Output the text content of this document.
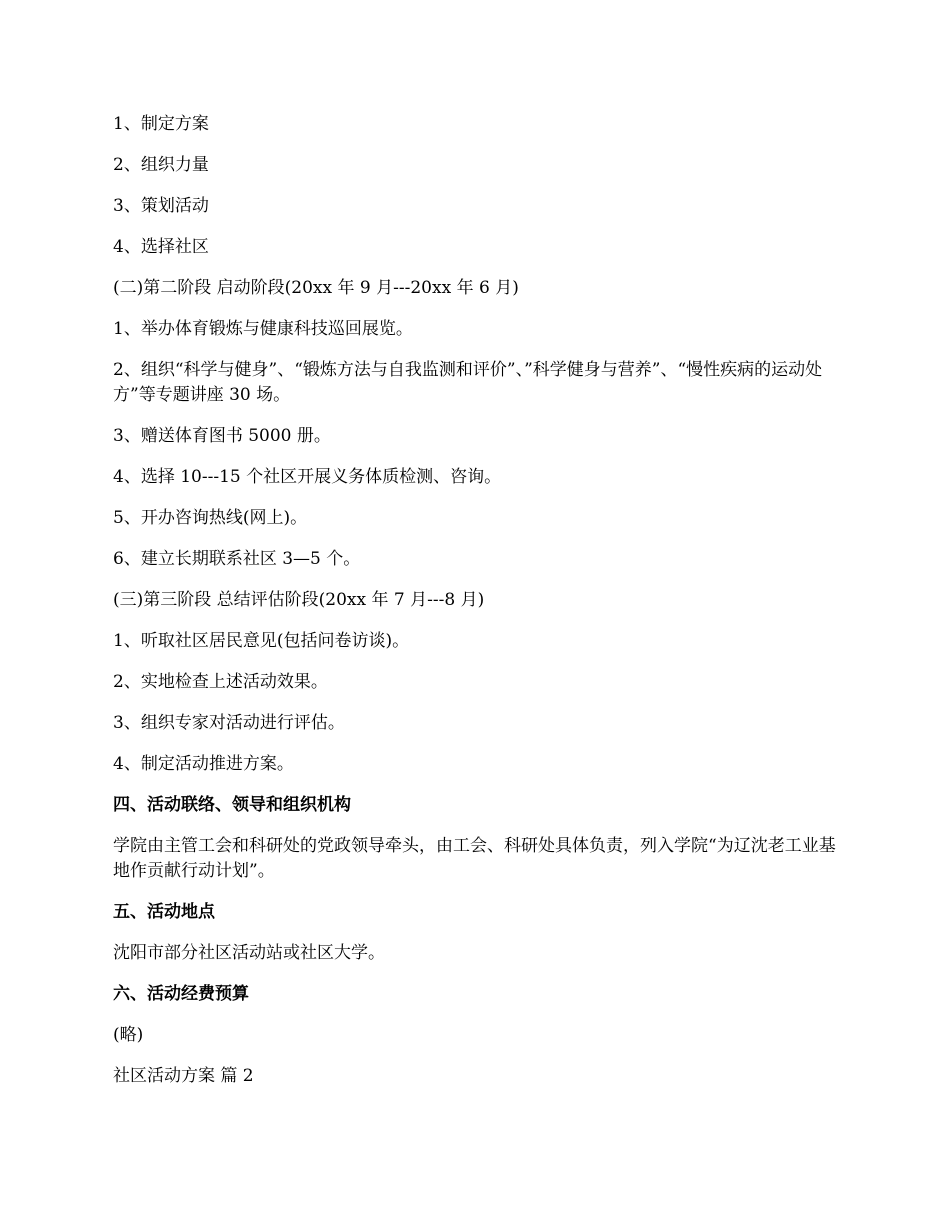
1、制定方案

2、组织力量

3、策划活动

4、选择社区

(二)第二阶段 启动阶段(20xx 年 9 月---20xx 年 6 月)

1、举办体育锻炼与健康科技巡回展览。

2、组织“科学与健身”、“锻炼方法与自我监测和评价”、”科学健身与营养”、“慢性疾病的运动处方”等专题讲座 30 场。

3、赠送体育图书 5000 册。

4、选择 10---15 个社区开展义务体质检测、咨询。

5、开办咨询热线(网上)。

6、建立长期联系社区 3—5 个。

(三)第三阶段 总结评估阶段(20xx 年 7 月---8 月)

1、听取社区居民意见(包括问卷访谈)。

2、实地检查上述活动效果。

3、组织专家对活动进行评估。

4、制定活动推进方案。

四、活动联络、领导和组织机构

学院由主管工会和科研处的党政领导牵头，由工会、科研处具体负责，列入学院“为辽沈老工业基地作贡献行动计划”。

五、活动地点

沈阳市部分社区活动站或社区大学。

六、活动经费预算

(略)

社区活动方案 篇 2
